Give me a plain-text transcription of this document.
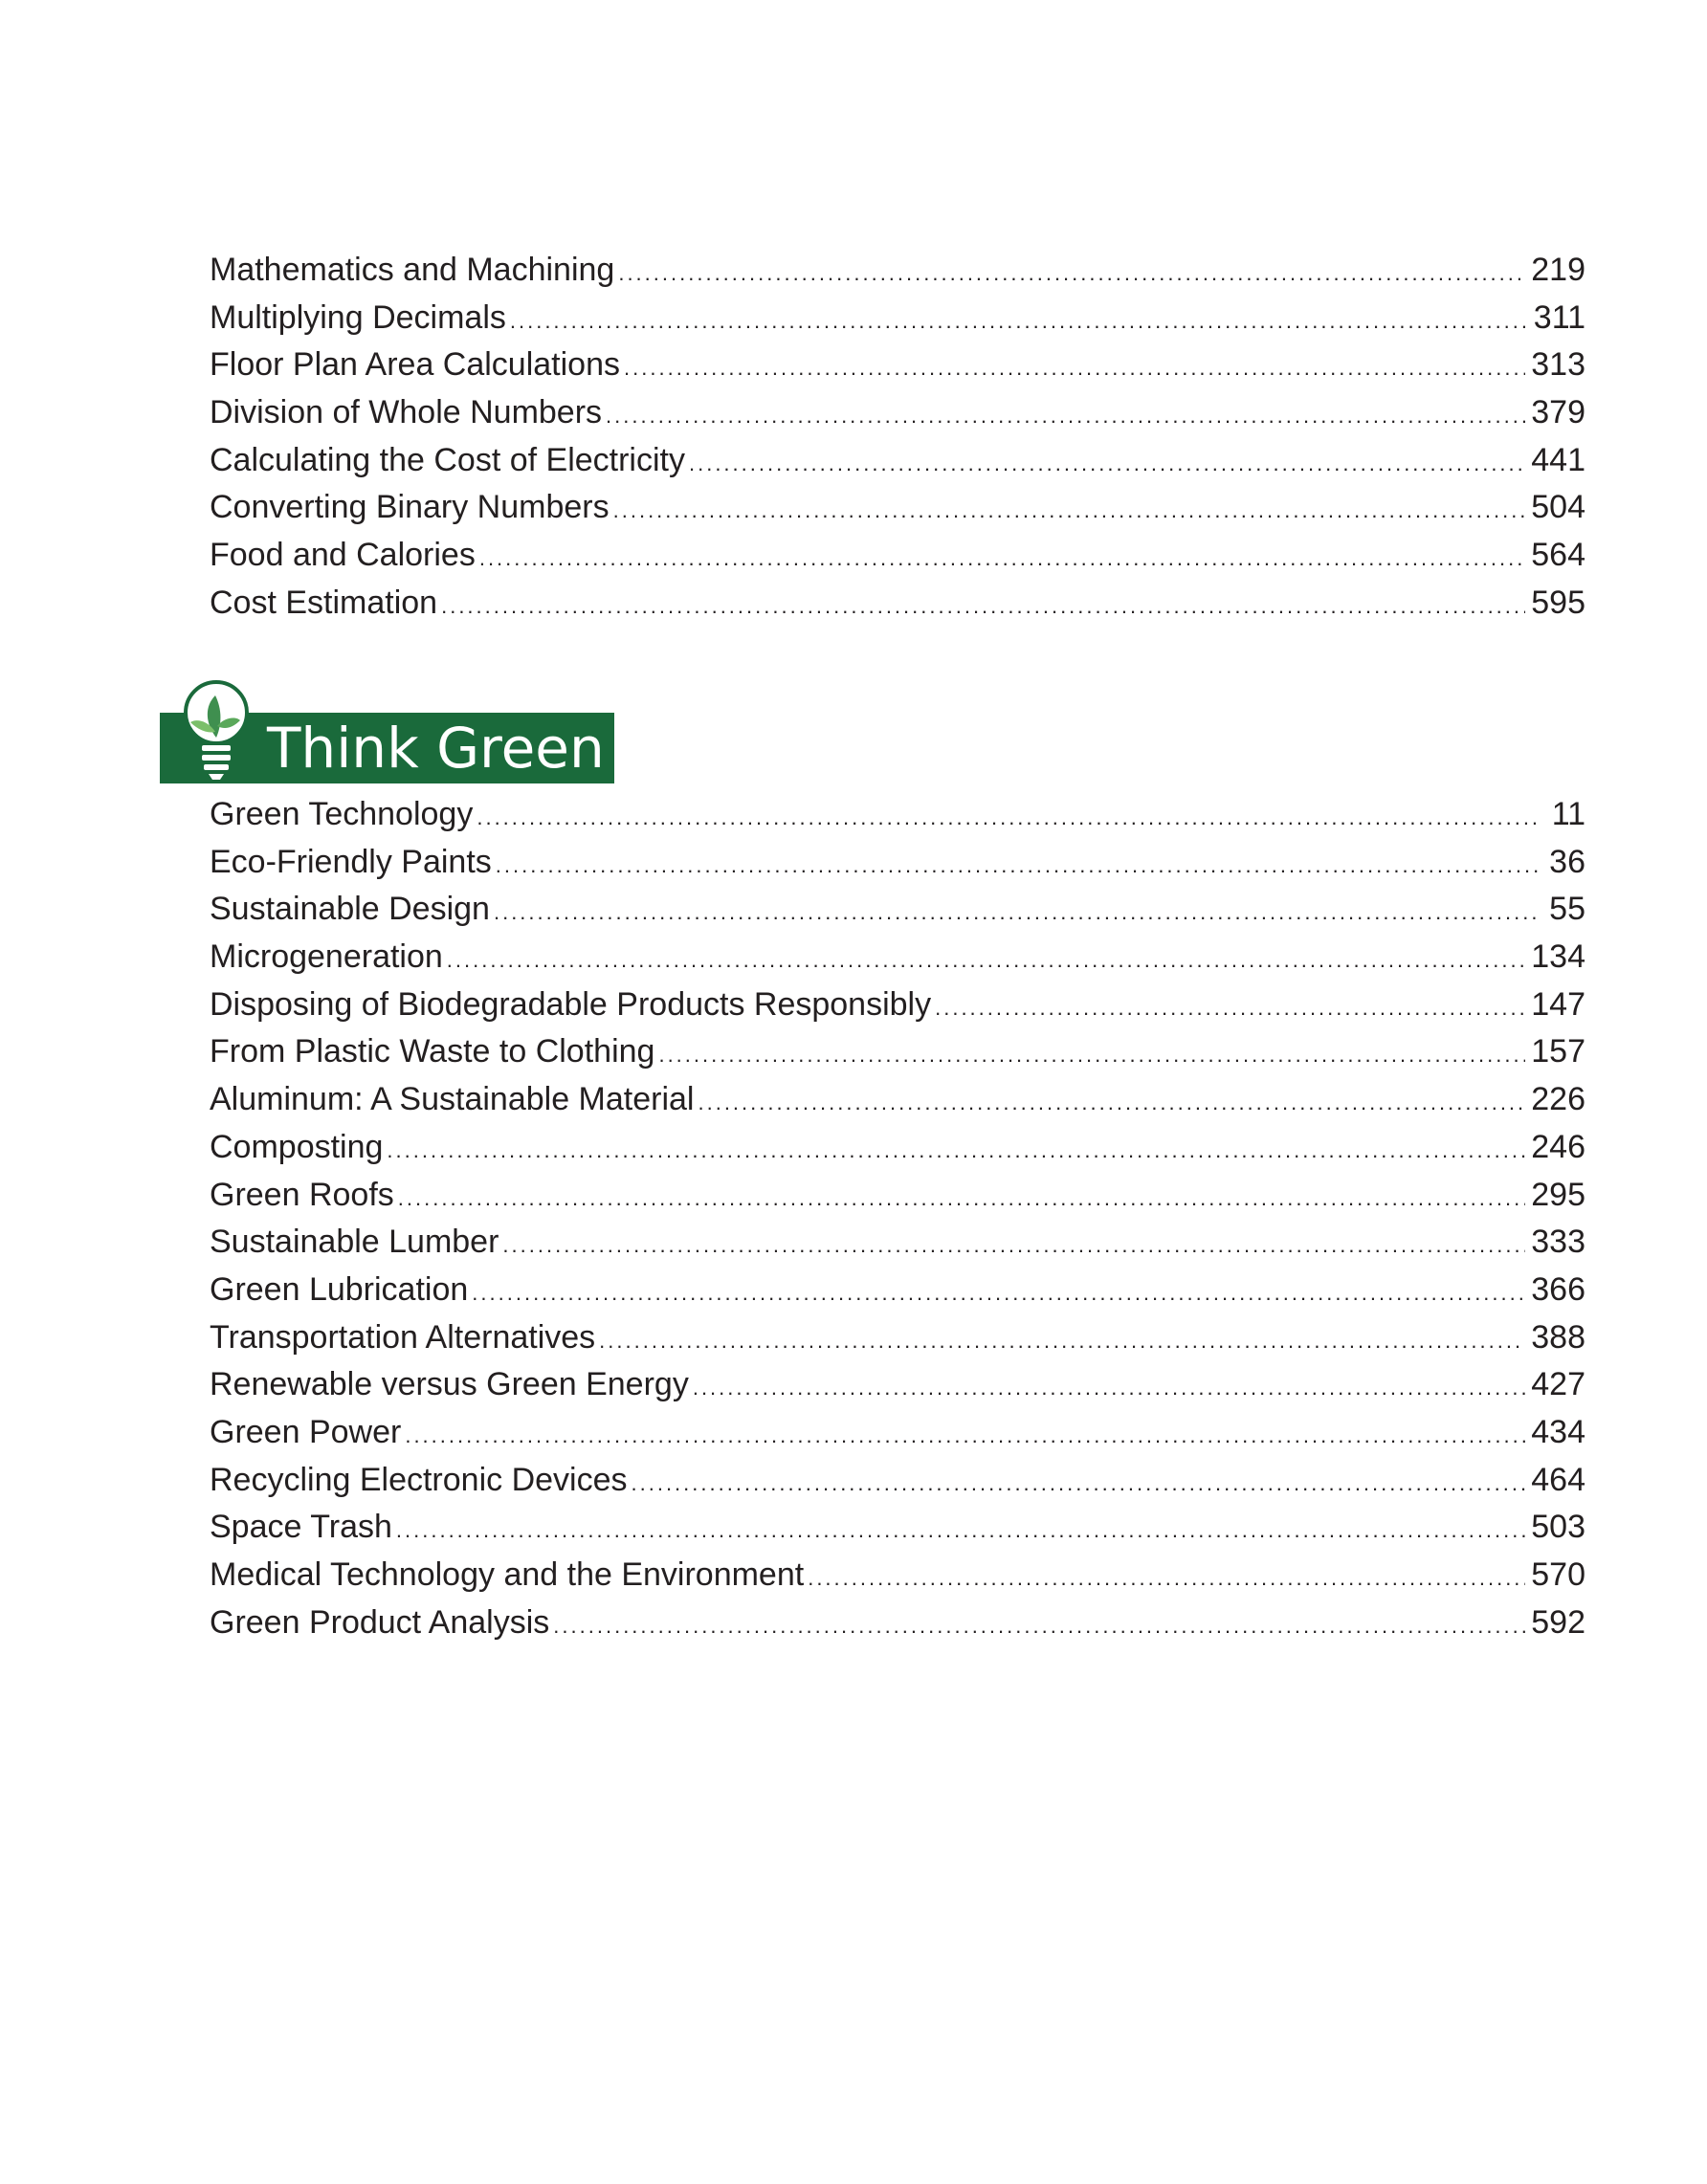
Mathematics and Machining .....	219
Multiplying Decimals .....	311
Floor Plan Area Calculations .....	313
Division of Whole Numbers .....	379
Calculating the Cost of Electricity .....	441
Converting Binary Numbers .....	504
Food and Calories .....	564
Cost Estimation .....	595
Think Green
Green Technology .....	11
Eco-Friendly Paints .....	36
Sustainable Design .....	55
Microgeneration .....	134
Disposing of Biodegradable Products Responsibly .....	147
From Plastic Waste to Clothing .....	157
Aluminum: A Sustainable Material .....	226
Composting .....	246
Green Roofs .....	295
Sustainable Lumber .....	333
Green Lubrication .....	366
Transportation Alternatives .....	388
Renewable versus Green Energy .....	427
Green Power .....	434
Recycling Electronic Devices .....	464
Space Trash .....	503
Medical Technology and the Environment .....	570
Green Product Analysis .....	592
